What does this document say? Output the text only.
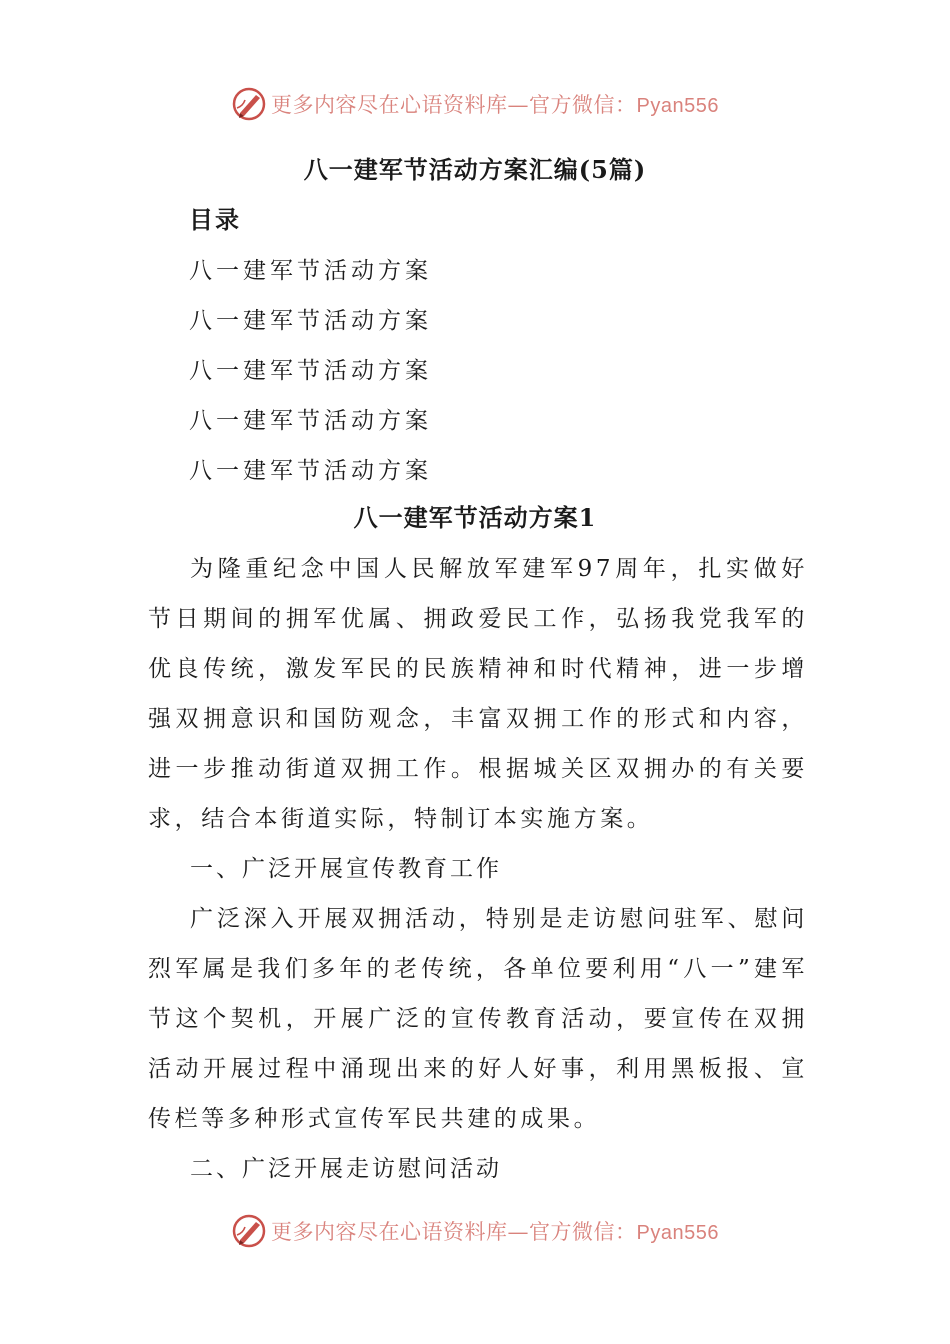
更多内容尽在心语资料库—官方微信：Pyan556
八一建军节活动方案汇编(5篇)
目录
八一建军节活动方案
八一建军节活动方案
八一建军节活动方案
八一建军节活动方案
八一建军节活动方案
八一建军节活动方案1

为隆重纪念中国人民解放军建军97周年，扎实做好节日期间的拥军优属、拥政爱民工作，弘扬我党我军的优良传统，激发军民的民族精神和时代精神，进一步增强双拥意识和国防观念，丰富双拥工作的形式和内容，进一步推动街道双拥工作。根据城关区双拥办的有关要求，结合本街道实际，特制订本实施方案。

一、广泛开展宣传教育工作

广泛深入开展双拥活动，特别是走访慰问驻军、慰问烈军属是我们多年的老传统，各单位要利用“八一”建军节这个契机，开展广泛的宣传教育活动，要宣传在双拥活动开展过程中涌现出来的好人好事，利用黑板报、宣传栏等多种形式宣传军民共建的成果。

二、广泛开展走访慰问活动

更多内容尽在心语资料库—官方微信：Pyan556
